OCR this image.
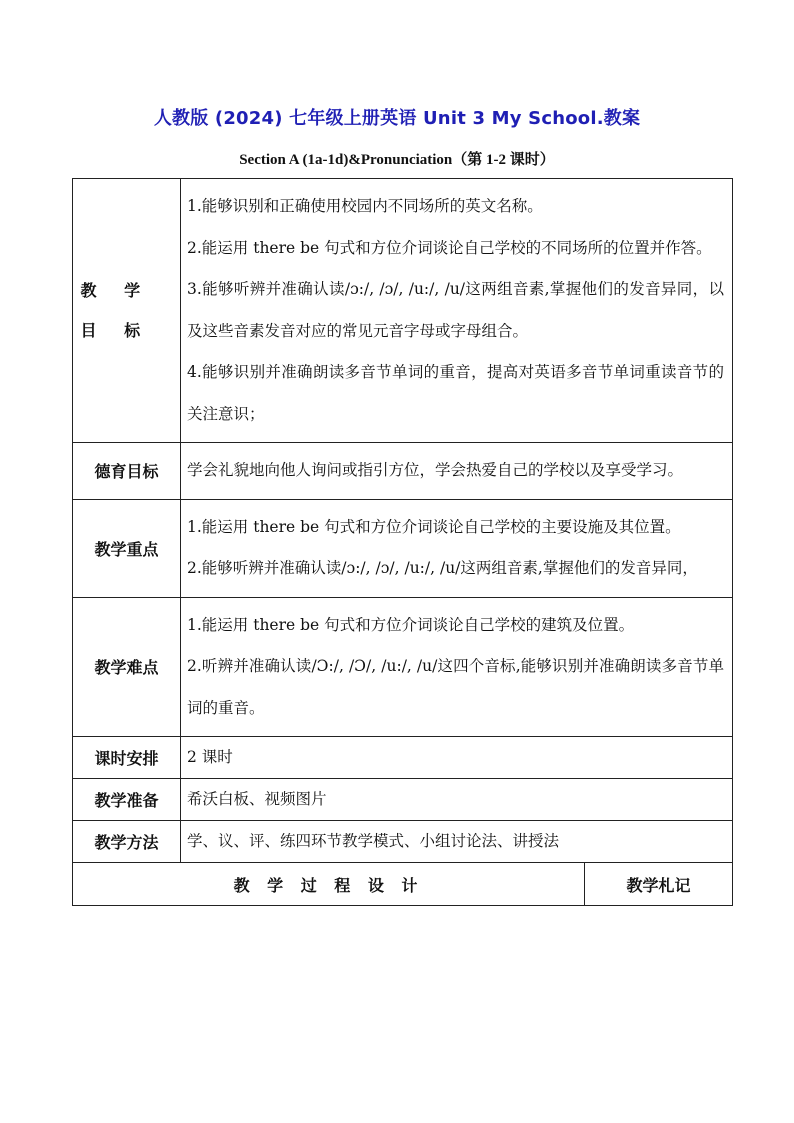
人教版 (2024) 七年级上册英语 Unit 3 My School.教案
Section A (1a-1d)&Pronunciation（第 1-2 课时）
教 学 目 标	1.能够识别和正确使用校园内不同场所的英文名称。
2.能运用 there be 句式和方位介词谈论自己学校的不同场所的位置并作答。
3.能够听辨并准确认读/ɔ:/, /ɔ/, /u:/, /u/这两组音素,掌握他们的发音异同，以及这些音素发音对应的常见元音字母或字母组合。
4.能够识别并准确朗读多音节单词的重音，提高对英语多音节单词重读音节的关注意识；	

德育目标	学会礼貌地向他人询问或指引方位，学会热爱自己的学校以及享受学习。	

教学重点	1.能运用 there be 句式和方位介词谈论自己学校的主要设施及其位置。
2.能够听辨并准确认读/ɔ:/, /ɔ/, /u:/, /u/这两组音素,掌握他们的发音异同，	

教学难点	1.能运用 there be 句式和方位介词谈论自己学校的建筑及位置。
2.听辨并准确认读/Ɔ:/, /Ɔ/, /u:/, /u/这四个音标,能够识别并准确朗读多音节单词的重音。	

课时安排	2 课时	
教学准备	希沃白板、视频图片	
教学方法	学、议、评、练四环节教学模式、小组讨论法、讲授法	
教 学 过 程 设 计		教学札记
